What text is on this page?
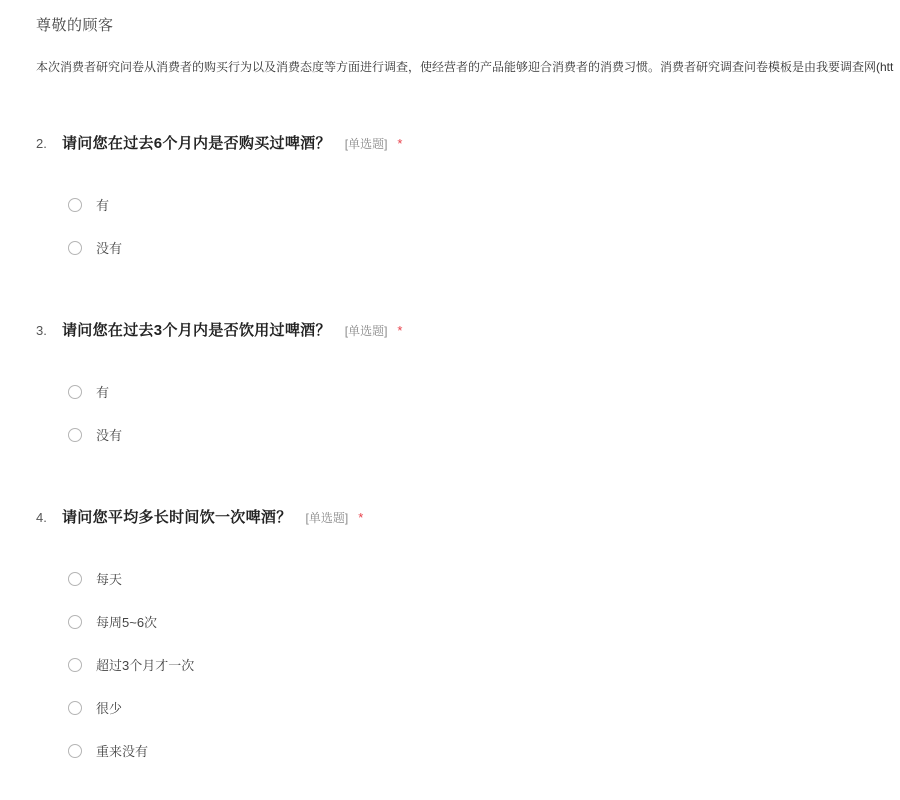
尊敬的顾客
本次消费者研究问卷从消费者的购买行为以及消费态度等方面进行调查，使经营者的产品能够迎合消费者的消费习惯。消费者研究调查问卷模板是由我要调查网(htt
2.	请问您在过去6个月内是否购买过啤酒？ [单选题] *
有
没有
3.	请问您在过去3个月内是否饮用过啤酒？ [单选题] *
有
没有
4.	请问您平均多长时间饮一次啤酒？ [单选题] *
每天
每周5~6次
超过3个月才一次
很少
重来没有
